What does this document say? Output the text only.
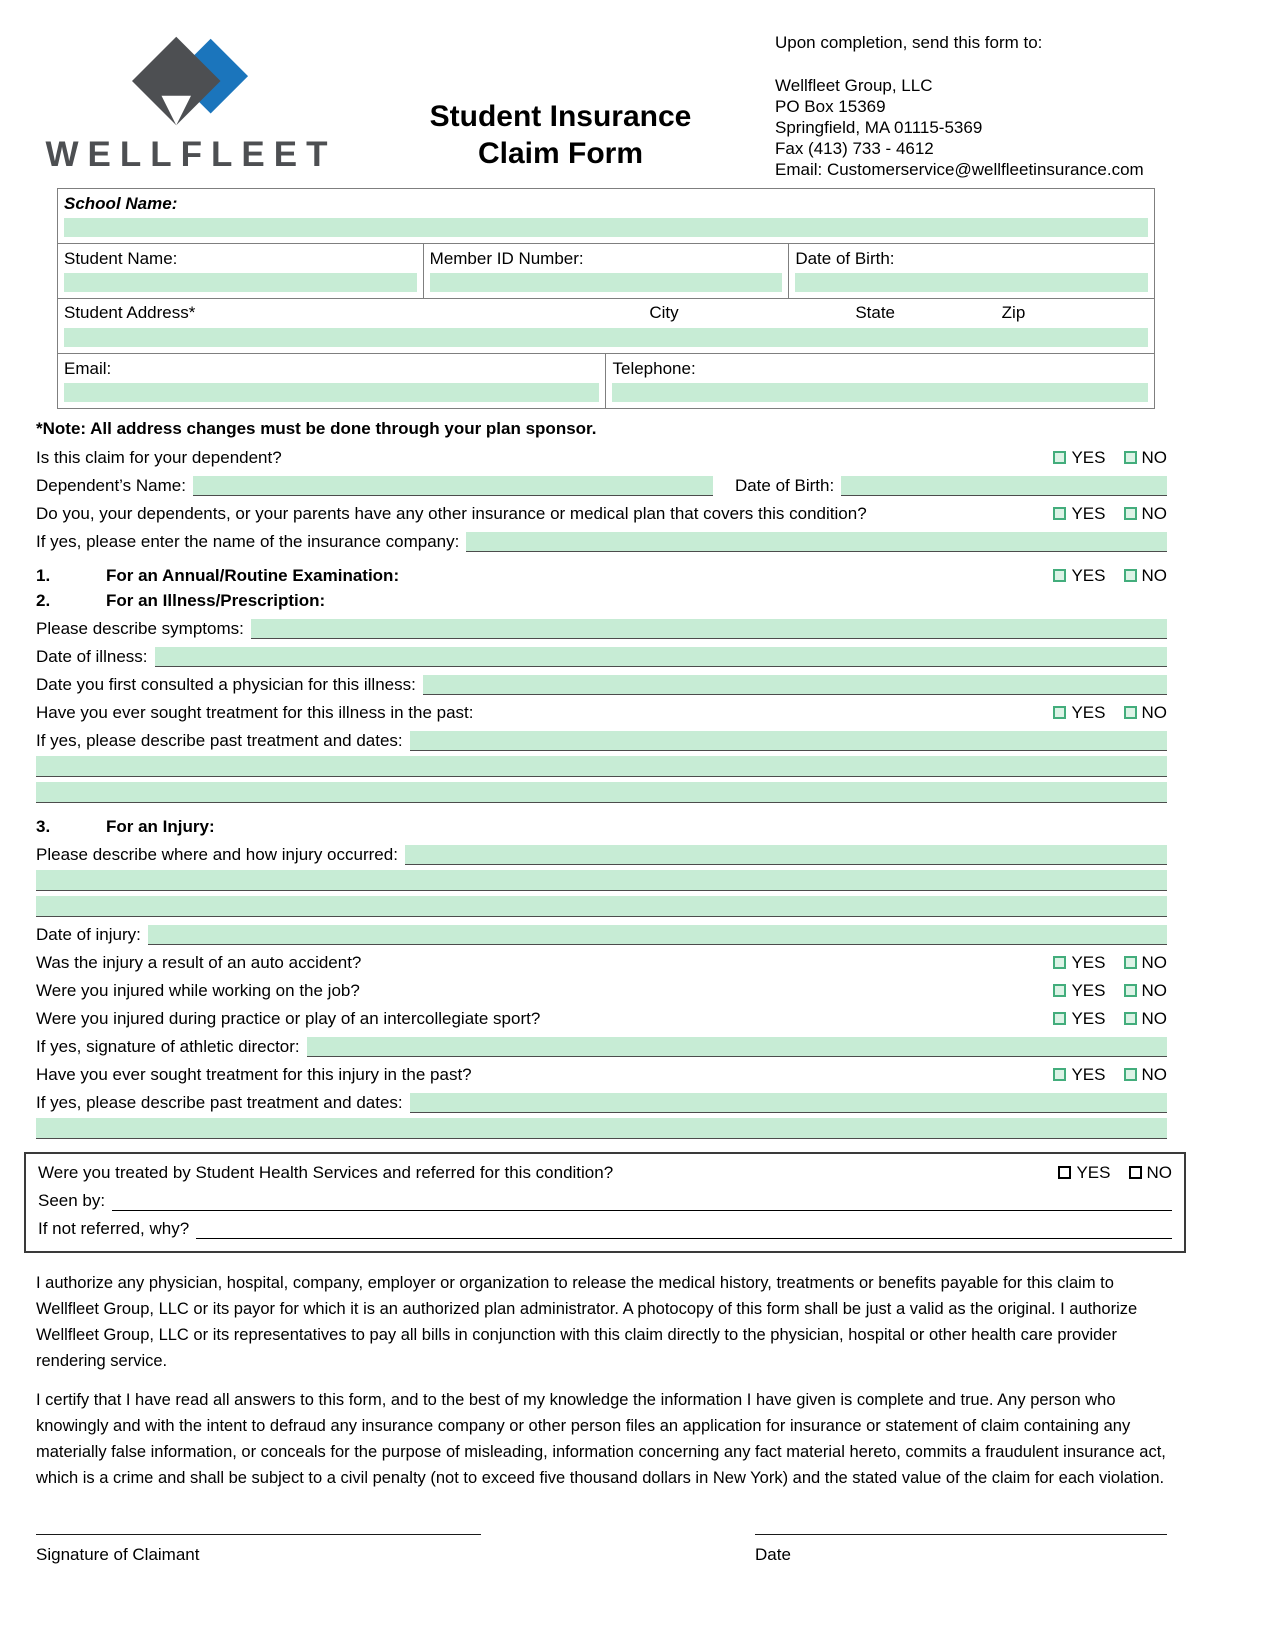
WELLFLEET
Student Insurance
Claim Form
Upon completion, send this form to:
Wellfleet Group, LLC
PO Box 15369
Springfield, MA 01115-5369
Fax (413) 733 - 4612
Email: Customerservice@wellfleetinsurance.com
School Name:			

Student Name:	Member ID Number:		Date of Birth:

Student Address* City State Zip			

Email:		Telephone:	
*Note: All address changes must be done through your plan sponsor.
Is this claim for your dependent?	YES NO
Dependent’s Name:	Date of Birth:
Do you, your dependents, or your parents have any other insurance or medical plan that covers this condition?	YES NO
If yes, please enter the name of the insurance company:
1.	For an Annual/Routine Examination:	YES NO
2.	For an Illness/Prescription:
Please describe symptoms:
Date of illness:
Date you first consulted a physician for this illness:
Have you ever sought treatment for this illness in the past:	YES NO
If yes, please describe past treatment and dates:
3.	For an Injury:
Please describe where and how injury occurred:
Date of injury:
Was the injury a result of an auto accident?	YES NO
Were you injured while working on the job?	YES NO
Were you injured during practice or play of an intercollegiate sport?	YES NO
If yes, signature of athletic director:
Have you ever sought treatment for this injury in the past?	YES NO
If yes, please describe past treatment and dates:
Were you treated by Student Health Services and referred for this condition?	YES NO
Seen by:
If not referred, why?

I authorize any physician, hospital, company, employer or organization to release the medical history, treatments or benefits payable for this claim to Wellfleet Group, LLC or its payor for which it is an authorized plan administrator. A photocopy of this form shall be just a valid as the original. I authorize Wellfleet Group, LLC or its representatives to pay all bills in conjunction with this claim directly to the physician, hospital or other health care provider rendering service.

I certify that I have read all answers to this form, and to the best of my knowledge the information I have given is complete and true. Any person who knowingly and with the intent to defraud any insurance company or other person files an application for insurance or statement of claim containing any materially false information, or conceals for the purpose of misleading, information concerning any fact material hereto, commits a fraudulent insurance act, which is a crime and shall be subject to a civil penalty (not to exceed five thousand dollars in New York) and the stated value of the claim for each violation.

Signature of Claimant	Date
